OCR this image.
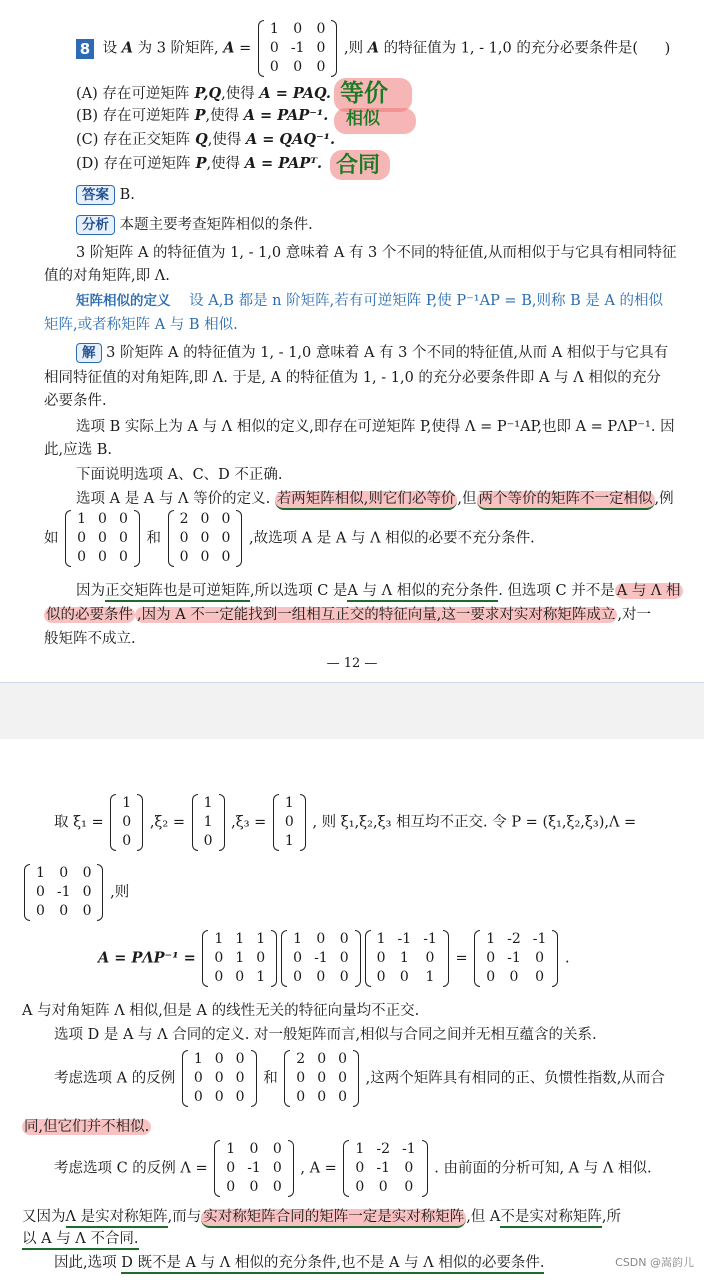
8 设 A 为 3 阶矩阵, A =
1	0	0
0	-1	0
0	0	0
,则 A 的特征值为 1, - 1,0 的充分必要条件是( )
等价
相似
合同
(A) 存在可逆矩阵 P,Q,使得 A = PAQ.
(B) 存在可逆矩阵 P,使得 A = PAP⁻¹.
(C) 存在正交矩阵 Q,使得 A = QAQ⁻¹.
(D) 存在可逆矩阵 P,使得 A = PAPᵀ.
答案 B.
分析 本题主要考查矩阵相似的条件.
3 阶矩阵 A 的特征值为 1, - 1,0 意味着 A 有 3 个不同的特征值,从而相似于与它具有相同特征
值的对角矩阵,即 Λ.
矩阵相似的定义 设 A,B 都是 n 阶矩阵,若有可逆矩阵 P,使 P⁻¹AP = B,则称 B 是 A 的相似
矩阵,或者称矩阵 A 与 B 相似.
解 3 阶矩阵 A 的特征值为 1, - 1,0 意味着 A 有 3 个不同的特征值,从而 A 相似于与它具有
相同特征值的对角矩阵,即 Λ. 于是, A 的特征值为 1, - 1,0 的充分必要条件即 A 与 Λ 相似的充分
必要条件.
选项 B 实际上为 A 与 Λ 相似的定义,即存在可逆矩阵 P,使得 Λ = P⁻¹AP,也即 A = PΛP⁻¹. 因
此,应选 B.
下面说明选项 A、C、D 不正确.
选项 A 是 A 与 Λ 等价的定义. 若两矩阵相似,则它们必等价 ,但 两个等价的矩阵不一定相似 ,例
如
1	0	0
0	0	0
0	0	0
和
2	0	0
0	0	0
0	0	0
,故选项 A 是 A 与 Λ 相似的必要不充分条件.
因为正交矩阵也是可逆矩阵,所以选项 C 是A 与 Λ 相似的充分条件. 但选项 C 并不是 A 与 Λ 相
似的必要条件 ,因为 A 不一定能找到一组相互正交的特征向量,这一要求对实对称矩阵成立 ,对一
般矩阵不成立.
— 12 —
取 ξ₁ =
1
0
0
,ξ₂ =
1
1
0
,ξ₃ =
1
0
1
, 则 ξ₁,ξ₂,ξ₃ 相互均不正交. 令 P = (ξ₁,ξ₂,ξ₃),Λ =
1	0	0
0	-1	0
0	0	0
,则
A = PΛP⁻¹ =
1	1	1
0	1	0
0	0	1
1	0	0
0	-1	0
0	0	0
1	-1	-1
0	1	0
0	0	1
=
1	-2	-1
0	-1	0
0	0	0
.
A 与对角矩阵 Λ 相似,但是 A 的线性无关的特征向量均不正交.
选项 D 是 A 与 Λ 合同的定义. 对一般矩阵而言,相似与合同之间并无相互蕴含的关系.
考虑选项 A 的反例
1	0	0
0	0	0
0	0	0
和
2	0	0
0	0	0
0	0	0
,这两个矩阵具有相同的正、负惯性指数,从而合
同,但它们并不相似.
考虑选项 C 的反例 Λ =
1	0	0
0	-1	0
0	0	0
, A =
1	-2	-1
0	-1	0
0	0	0
. 由前面的分析可知, A 与 Λ 相似.
又因为Λ 是实对称矩阵,而与 实对称矩阵合同的矩阵一定是实对称矩阵 ,但 A不是实对称矩阵,所
以 A 与 Λ 不合同.
因此,选项 D 既不是 A 与 Λ 相似的充分条件,也不是 A 与 Λ 相似的必要条件.	CSDN @嵩韵儿
